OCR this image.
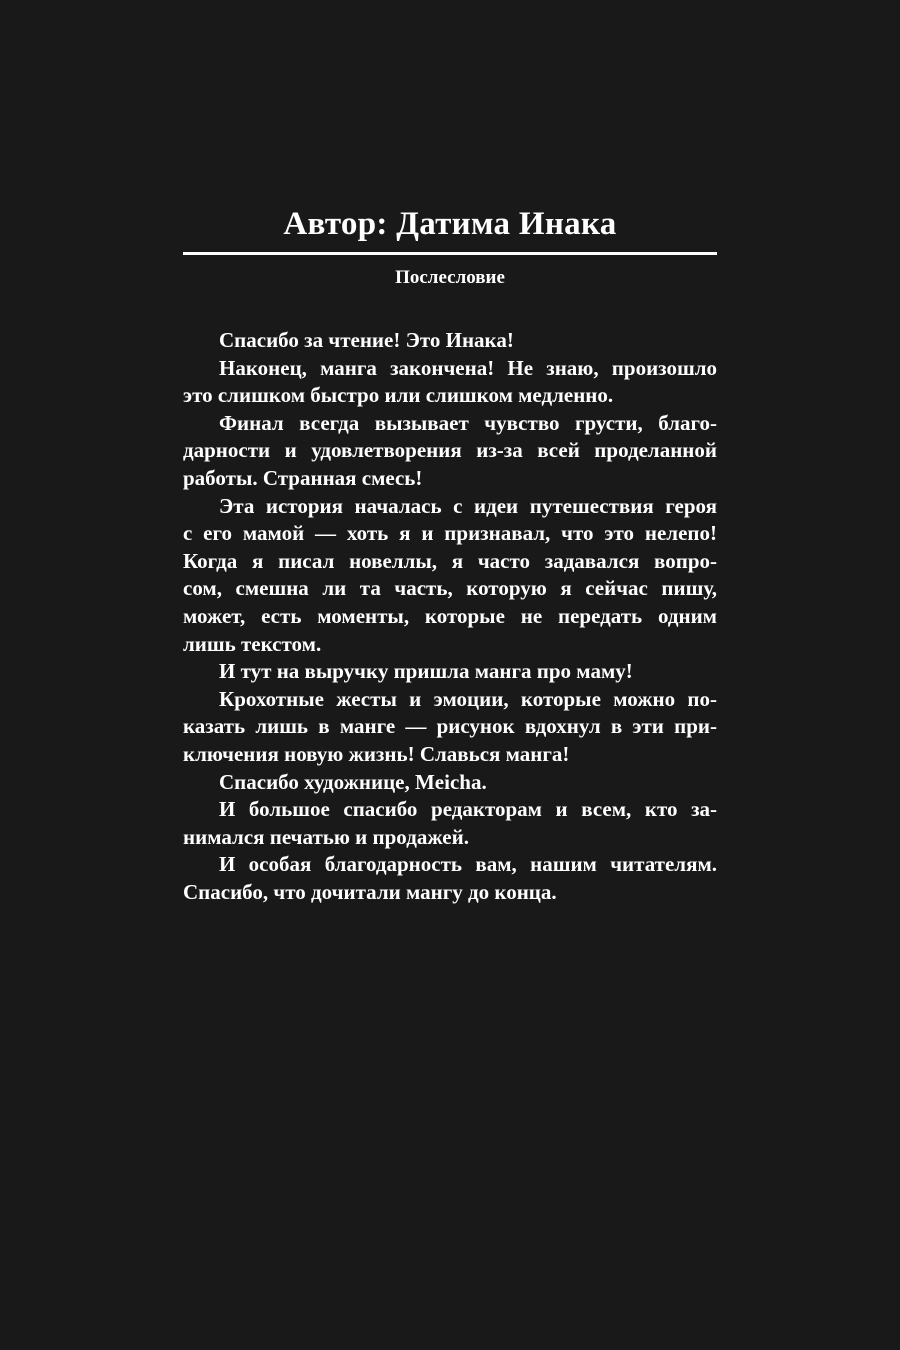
Автор: Датима Инака
Послесловие
Спасибо за чтение! Это Инака!
Наконец, манга закончена! Не знаю, произошло
это слишком быстро или слишком медленно.
Финал всегда вызывает чувство грусти, благо-
дарности и удовлетворения из-за всей проделанной
работы. Странная смесь!
Эта история началась с идеи путешествия героя
с его мамой — хоть я и признавал, что это нелепо!
Когда я писал новеллы, я часто задавался вопро-
сом, смешна ли та часть, которую я сейчас пишу,
может, есть моменты, которые не передать одним
лишь текстом.
И тут на выручку пришла манга про маму!
Крохотные жесты и эмоции, которые можно по-
казать лишь в манге — рисунок вдохнул в эти при-
ключения новую жизнь! Славься манга!
Спасибо художнице, Meicha.
И большое спасибо редакторам и всем, кто за-
нимался печатью и продажей.
И особая благодарность вам, нашим читателям.
Спасибо, что дочитали мангу до конца.
